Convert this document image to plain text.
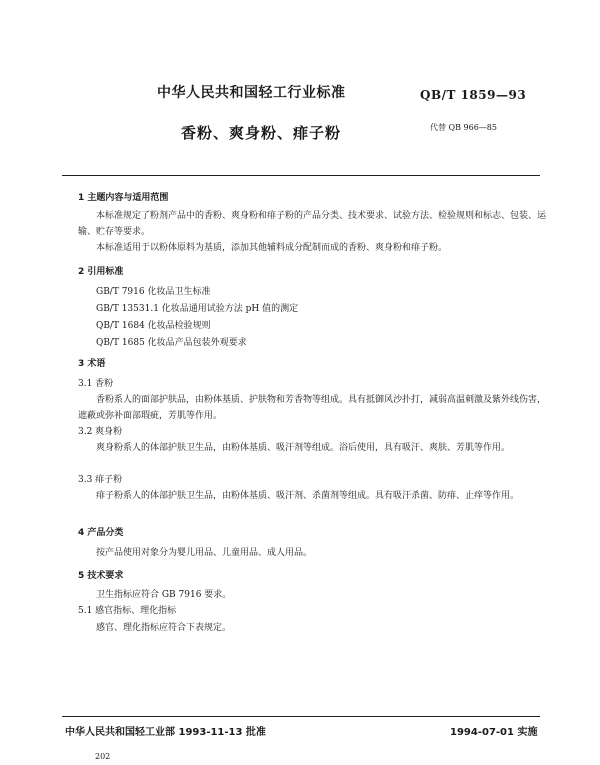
中华人民共和国轻工行业标准	QB/T 1859—93
香粉、爽身粉、痱子粉	代替 QB 966—85
1 主题内容与适用范围
本标准规定了粉剂产品中的香粉、爽身粉和痱子粉的产品分类、技术要求、试验方法、检验规则和标志、包装、运输、贮存等要求。
本标准适用于以粉体原料为基质，添加其他辅料成分配制而成的香粉、爽身粉和痱子粉。
2 引用标准
GB/T 7916 化妆品卫生标准
GB/T 13531.1 化妆品通用试验方法 pH 值的测定
QB/T 1684 化妆品检验规则
QB/T 1685 化妆品产品包装外观要求
3 术语
3.1 香粉
香粉系人的面部护肤品，由粉体基质、护肤物和芳香物等组成。具有抵御风沙扑打，减弱高温刺激及紫外线伤害，遮蔽或弥补面部瑕疵，芳肌等作用。
3.2 爽身粉
爽身粉系人的体部护肤卫生品，由粉体基质、吸汗剂等组成。浴后使用，具有吸汗、爽肤、芳肌等作用。
3.3 痱子粉
痱子粉系人的体部护肤卫生品，由粉体基质、吸汗剂、杀菌剂等组成。具有吸汗杀菌、防痱、止痒等作用。
4 产品分类
按产品使用对象分为婴儿用品、儿童用品、成人用品。
5 技术要求
卫生指标应符合 GB 7916 要求。
5.1 感官指标、理化指标
感官、理化指标应符合下表规定。
中华人民共和国轻工业部 1993-11-13 批准	1994-07-01 实施
202
